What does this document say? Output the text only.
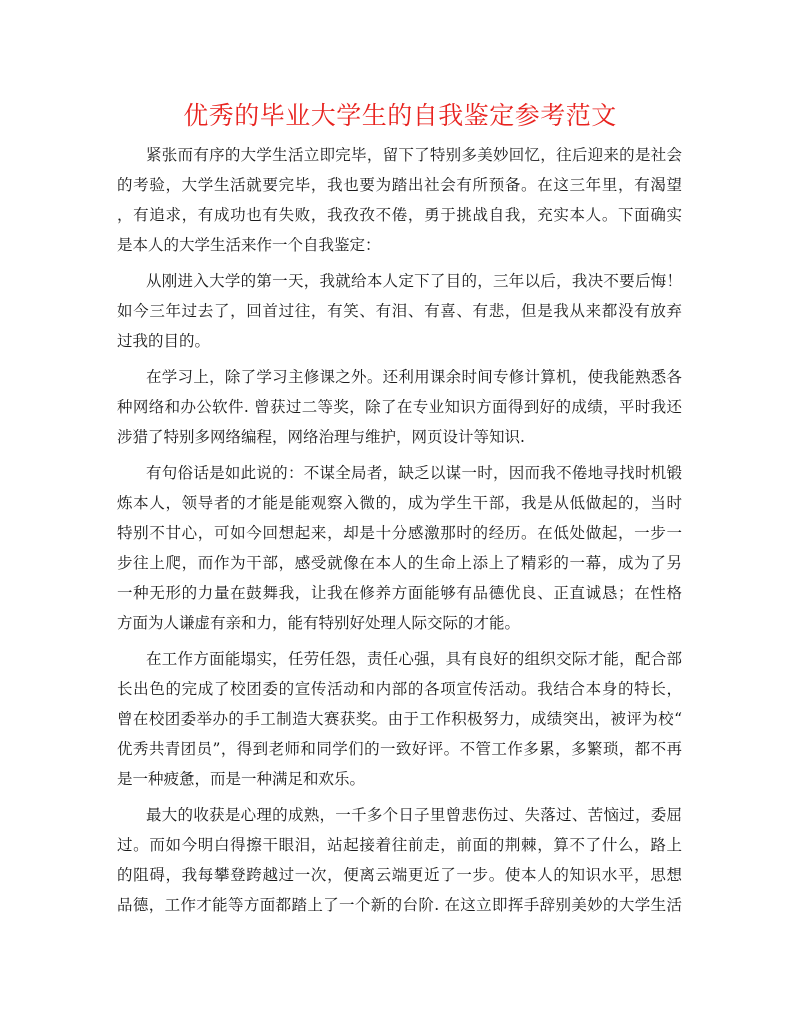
优秀的毕业大学生的自我鉴定参考范文
紧张而有序的大学生活立即完毕，留下了特别多美妙回忆，往后迎来的是社会
的考验，大学生活就要完毕，我也要为踏出社会有所预备。在这三年里，有渴望
，有追求，有成功也有失败，我孜孜不倦，勇于挑战自我，充实本人。下面确实
是本人的大学生活来作一个自我鉴定：
从刚进入大学的第一天，我就给本人定下了目的，三年以后，我决不要后悔！
如今三年过去了，回首过往，有笑、有泪、有喜、有悲，但是我从来都没有放弃
过我的目的。
在学习上，除了学习主修课之外。还利用课余时间专修计算机，使我能熟悉各
种网络和办公软件. 曾获过二等奖，除了在专业知识方面得到好的成绩，平时我还
涉猎了特别多网络编程，网络治理与维护，网页设计等知识.
有句俗话是如此说的：不谋全局者，缺乏以谋一时，因而我不倦地寻找时机锻
炼本人，领导者的才能是能观察入微的，成为学生干部，我是从低做起的，当时
特别不甘心，可如今回想起来，却是十分感激那时的经历。在低处做起，一步一
步往上爬，而作为干部，感受就像在本人的生命上添上了精彩的一幕，成为了另
一种无形的力量在鼓舞我，让我在修养方面能够有品德优良、正直诚恳；在性格
方面为人谦虚有亲和力，能有特别好处理人际交际的才能。
在工作方面能塌实，任劳任怨，责任心强，具有良好的组织交际才能，配合部
长出色的完成了校团委的宣传活动和内部的各项宣传活动。我结合本身的特长，
曾在校团委举办的手工制造大赛获奖。由于工作积极努力，成绩突出，被评为校“
优秀共青团员”，得到老师和同学们的一致好评。不管工作多累，多繁琐，都不再
是一种疲惫，而是一种满足和欢乐。
最大的收获是心理的成熟，一千多个日子里曾悲伤过、失落过、苦恼过，委屈
过。而如今明白得擦干眼泪，站起接着往前走，前面的荆棘，算不了什么，路上
的阻碍，我每攀登跨越过一次，便离云端更近了一步。使本人的知识水平，思想
品德，工作才能等方面都踏上了一个新的台阶. 在这立即挥手辞别美妙的大学生活
